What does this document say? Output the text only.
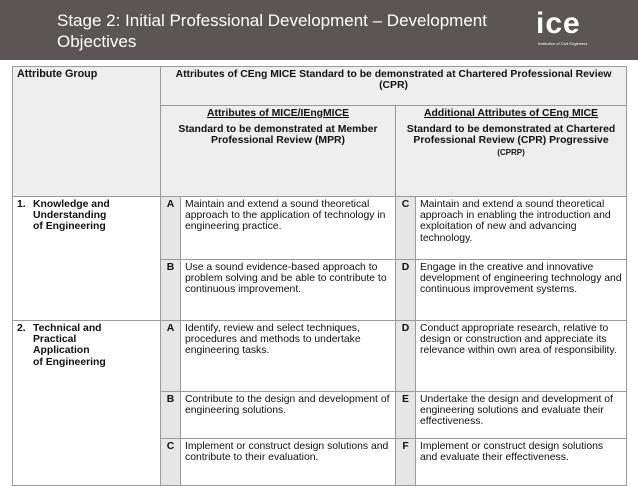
Stage 2: Initial Professional Development – Development Objectives
ice
Institution of Civil Engineers
Attribute Group	Attributes of CEng MICE Standard to be demonstrated at Chartered Professional Review (CPR)			

	Attributes of MICE/IEngMICE
Standard to be demonstrated at Member Professional Review (MPR)		Additional Attributes of CEng MICE
Standard to be demonstrated at Chartered Professional Review (CPR) Progressive
(CPRP)	

1. Knowledge and
Understanding
of Engineering	A	Maintain and extend a sound theoretical approach to the application of technology in engineering practice.	C	Maintain and extend a sound theoretical approach in enabling the introduction and exploitation of new and advancing technology.
	B	Use a sound evidence-based approach to problem solving and be able to contribute to continuous improvement.	D	Engage in the creative and innovative development of engineering technology and continuous improvement systems.
2. Technical and
Practical
Application
of Engineering	A	Identify, review and select techniques, procedures and methods to undertake engineering tasks.	D	Conduct appropriate research, relative to design or construction and appreciate its relevance within own area of responsibility.
	B	Contribute to the design and development of engineering solutions.	E	Undertake the design and development of engineering solutions and evaluate their effectiveness.
	C	Implement or construct design solutions and contribute to their evaluation.	F	Implement or construct design solutions and evaluate their effectiveness.
